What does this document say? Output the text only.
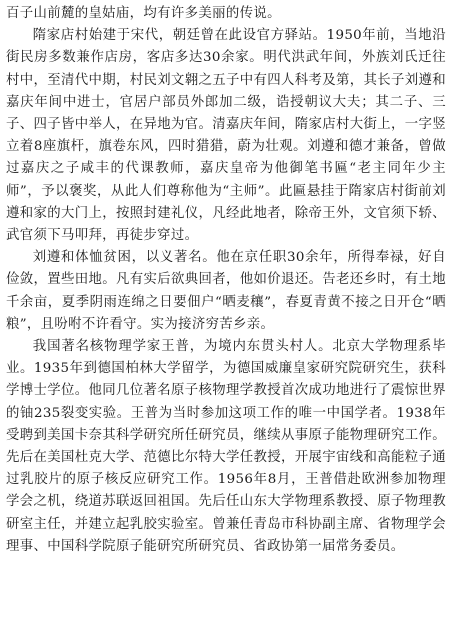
百子山前麓的皇姑庙，均有许多美丽的传说。

隋家店村始建于宋代，朝廷曾在此设官方驿站。1950年前，当地沿街民房多数兼作店房，客店多达30余家。明代洪武年间，外族刘氏迁往村中，至清代中期，村民刘文翱之五子中有四人科考及第，其长子刘遵和嘉庆年间中进士，官居户部员外郎加二级，诰授朝议大夫；其二子、三子、四子皆中举人，在异地为官。清嘉庆年间，隋家店村大街上，一字竖立着8座旗杆，旗卷东风，四时猎猎，蔚为壮观。刘遵和德才兼备，曾做过嘉庆之子咸丰的代课教师，嘉庆皇帝为他御笔书匾“老主同年少主师”，予以褒奖，从此人们尊称他为“主师”。此匾悬挂于隋家店村街前刘遵和家的大门上，按照封建礼仪，凡经此地者，除帝王外，文官须下轿、武官须下马叩拜，再徒步穿过。

刘遵和体恤贫困，以义著名。他在京任职30余年，所得奉禄，好自俭敛，置些田地。凡有实后欲典回者，他如价退还。告老还乡时，有土地千余亩，夏季阴雨连绵之日要佃户“晒麦穰”，春夏青黄不接之日开仓“晒粮”，且吩咐不许看守。实为接济穷苦乡亲。

我国著名核物理学家王普，为境内东贯头村人。北京大学物理系毕业。1935年到德国柏林大学留学，为德国威廉皇家研究院研究生，获科学博士学位。他同几位著名原子核物理学教授首次成功地进行了震惊世界的铀235裂变实验。王普为当时参加这项工作的唯一中国学者。1938年受聘到美国卡奈其科学研究所任研究员，继续从事原子能物理研究工作。先后在美国杜克大学、范德比尔特大学任教授，开展宇宙线和高能粒子通过乳胶片的原子核反应研究工作。1956年8月，王普借赴欧洲参加物理学会之机，绕道苏联返回祖国。先后任山东大学物理系教授、原子物理教研室主任，并建立起乳胶实验室。曾兼任青岛市科协副主席、省物理学会理事、中国科学院原子能研究所研究员、省政协第一届常务委员。
